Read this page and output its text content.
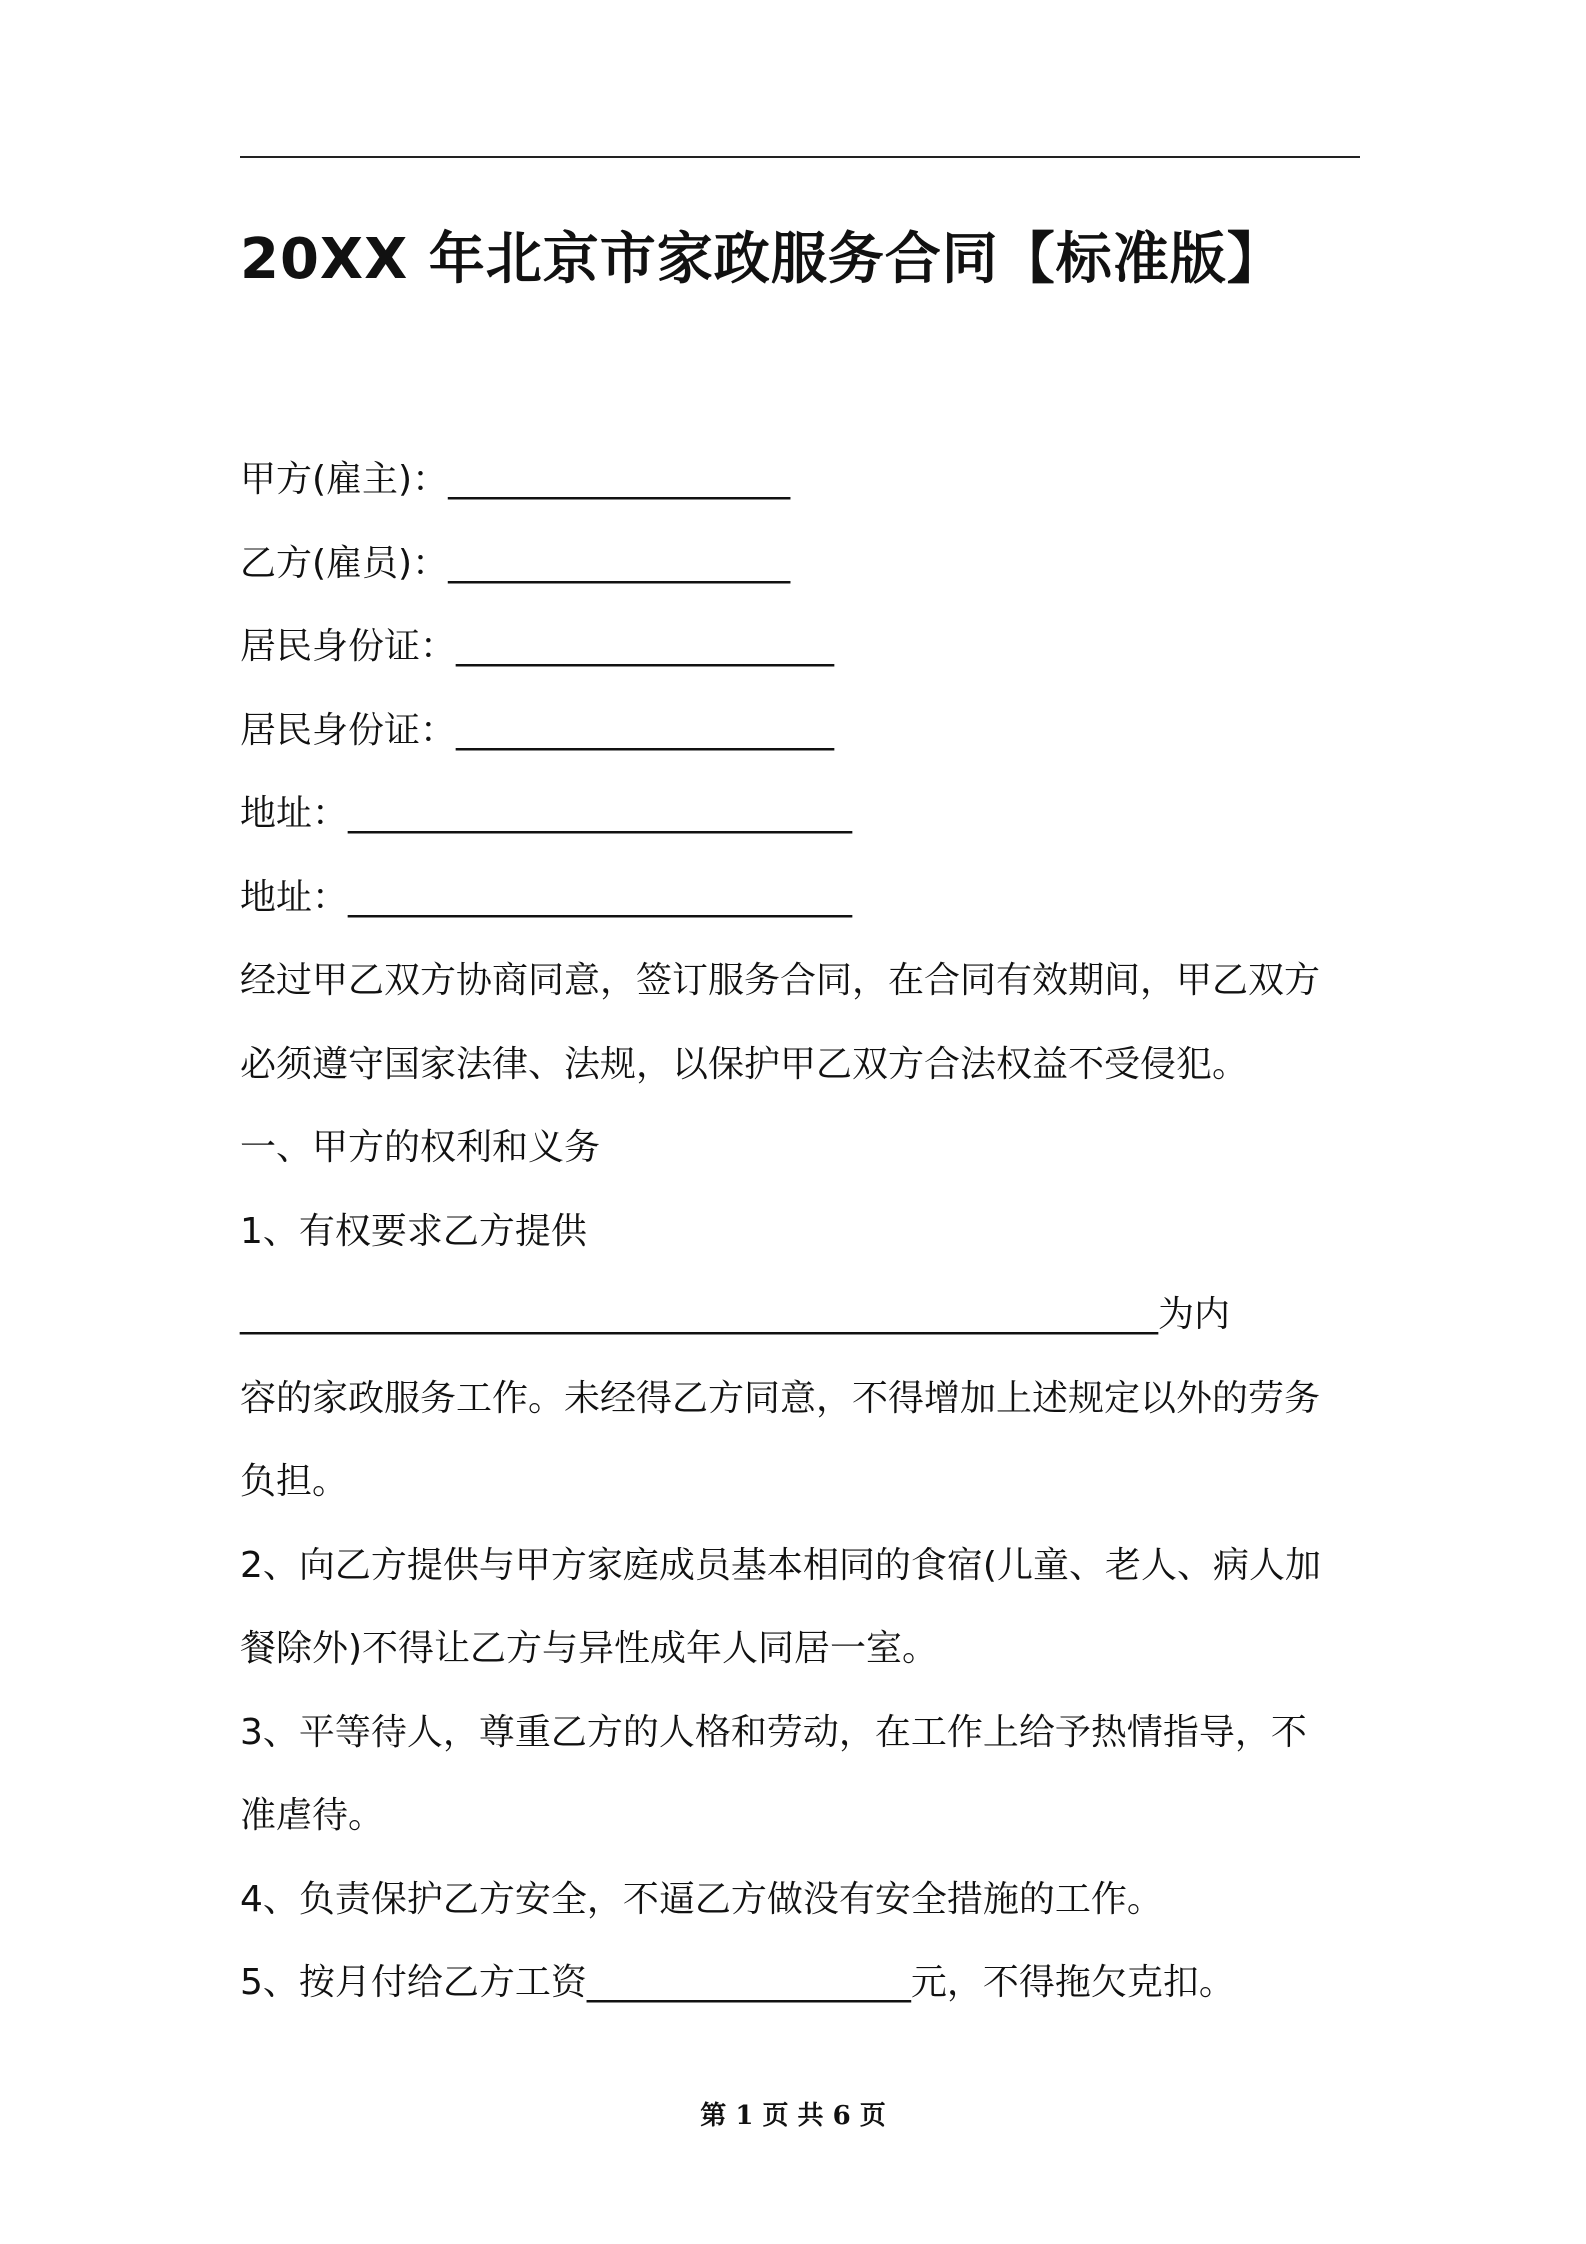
20XX 年北京市家政服务合同【标准版】
甲方(雇主)：___________________
乙方(雇员)：___________________
居民身份证：_____________________
居民身份证：_____________________
地址：____________________________
地址：____________________________
经过甲乙双方协商同意，签订服务合同，在合同有效期间，甲乙双方
必须遵守国家法律、法规，以保护甲乙双方合法权益不受侵犯。
一、甲方的权利和义务
1、有权要求乙方提供
___________________________________________________为内
容的家政服务工作。未经得乙方同意，不得增加上述规定以外的劳务
负担。
2、向乙方提供与甲方家庭成员基本相同的食宿(儿童、老人、病人加
餐除外)不得让乙方与异性成年人同居一室。
3、平等待人，尊重乙方的人格和劳动，在工作上给予热情指导，不
准虐待。
4、负责保护乙方安全，不逼乙方做没有安全措施的工作。
5、按月付给乙方工资__________________元，不得拖欠克扣。
第 1 页 共 6 页
